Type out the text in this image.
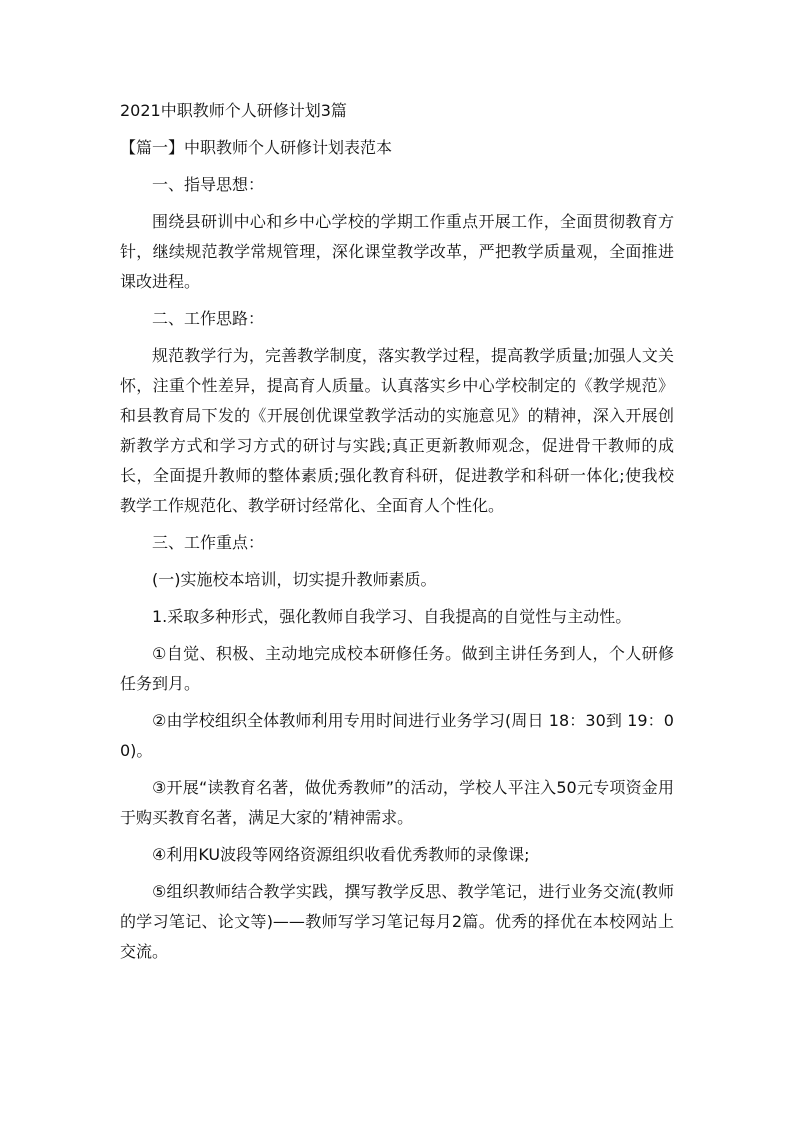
2021中职教师个人研修计划3篇

【篇一】中职教师个人研修计划表范本

一、指导思想：

围绕县研训中心和乡中心学校的学期工作重点开展工作，全面贯彻教育方针，继续规范教学常规管理，深化课堂教学改革，严把教学质量观，全面推进课改进程。

二、工作思路：

规范教学行为，完善教学制度，落实教学过程，提高教学质量;加强人文关怀，注重个性差异，提高育人质量。认真落实乡中心学校制定的《教学规范》和县教育局下发的《开展创优课堂教学活动的实施意见》的精神，深入开展创新教学方式和学习方式的研讨与实践;真正更新教师观念，促进骨干教师的成长，全面提升教师的整体素质;强化教育科研，促进教学和科研一体化;使我校教学工作规范化、教学研讨经常化、全面育人个性化。

三、工作重点：

(一)实施校本培训，切实提升教师素质。

1.采取多种形式，强化教师自我学习、自我提高的自觉性与主动性。

①自觉、积极、主动地完成校本研修任务。做到主讲任务到人，个人研修任务到月。

②由学校组织全体教师利用专用时间进行业务学习(周日 18：30到 19：00)。

③开展“读教育名著，做优秀教师”的活动，学校人平注入50元专项资金用于购买教育名著，满足大家的’精神需求。

④利用KU波段等网络资源组织收看优秀教师的录像课;

⑤组织教师结合教学实践，撰写教学反思、教学笔记，进行业务交流(教师的学习笔记、论文等)——教师写学习笔记每月2篇。优秀的择优在本校网站上交流。
